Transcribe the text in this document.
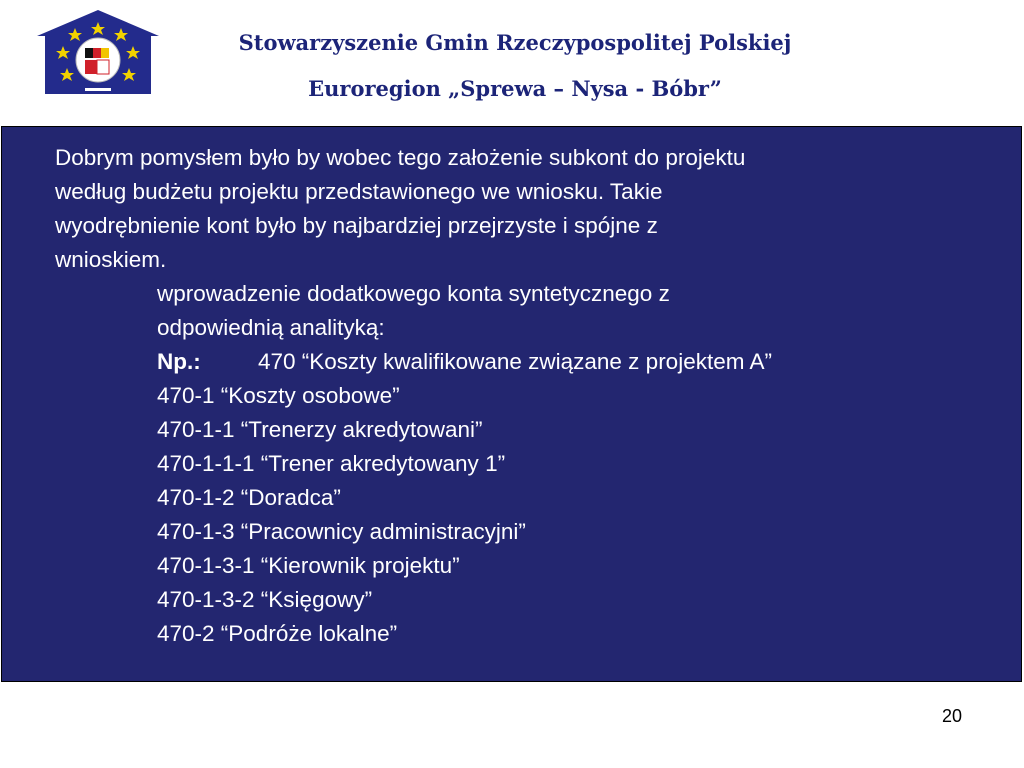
Stowarzyszenie Gmin Rzeczypospolitej Polskiej
Euroregion „Sprewa – Nysa - Bóbr”
Dobrym pomysłem było by wobec tego założenie subkont do projektu
według budżetu projektu przedstawionego we wniosku. Takie
wyodrębnienie kont było by najbardziej przejrzyste i spójne z
wnioskiem.
wprowadzenie dodatkowego konta syntetycznego z
odpowiednią analityką:
Np.:	470 “Koszty kwalifikowane związane z projektem A”
470-1 “Koszty osobowe”
470-1-1 “Trenerzy akredytowani”
470-1-1-1 “Trener akredytowany 1”
470-1-2 “Doradca”
470-1-3 “Pracownicy administracyjni”
470-1-3-1 “Kierownik projektu”
470-1-3-2 “Księgowy”
470-2 “Podróże lokalne”
20
